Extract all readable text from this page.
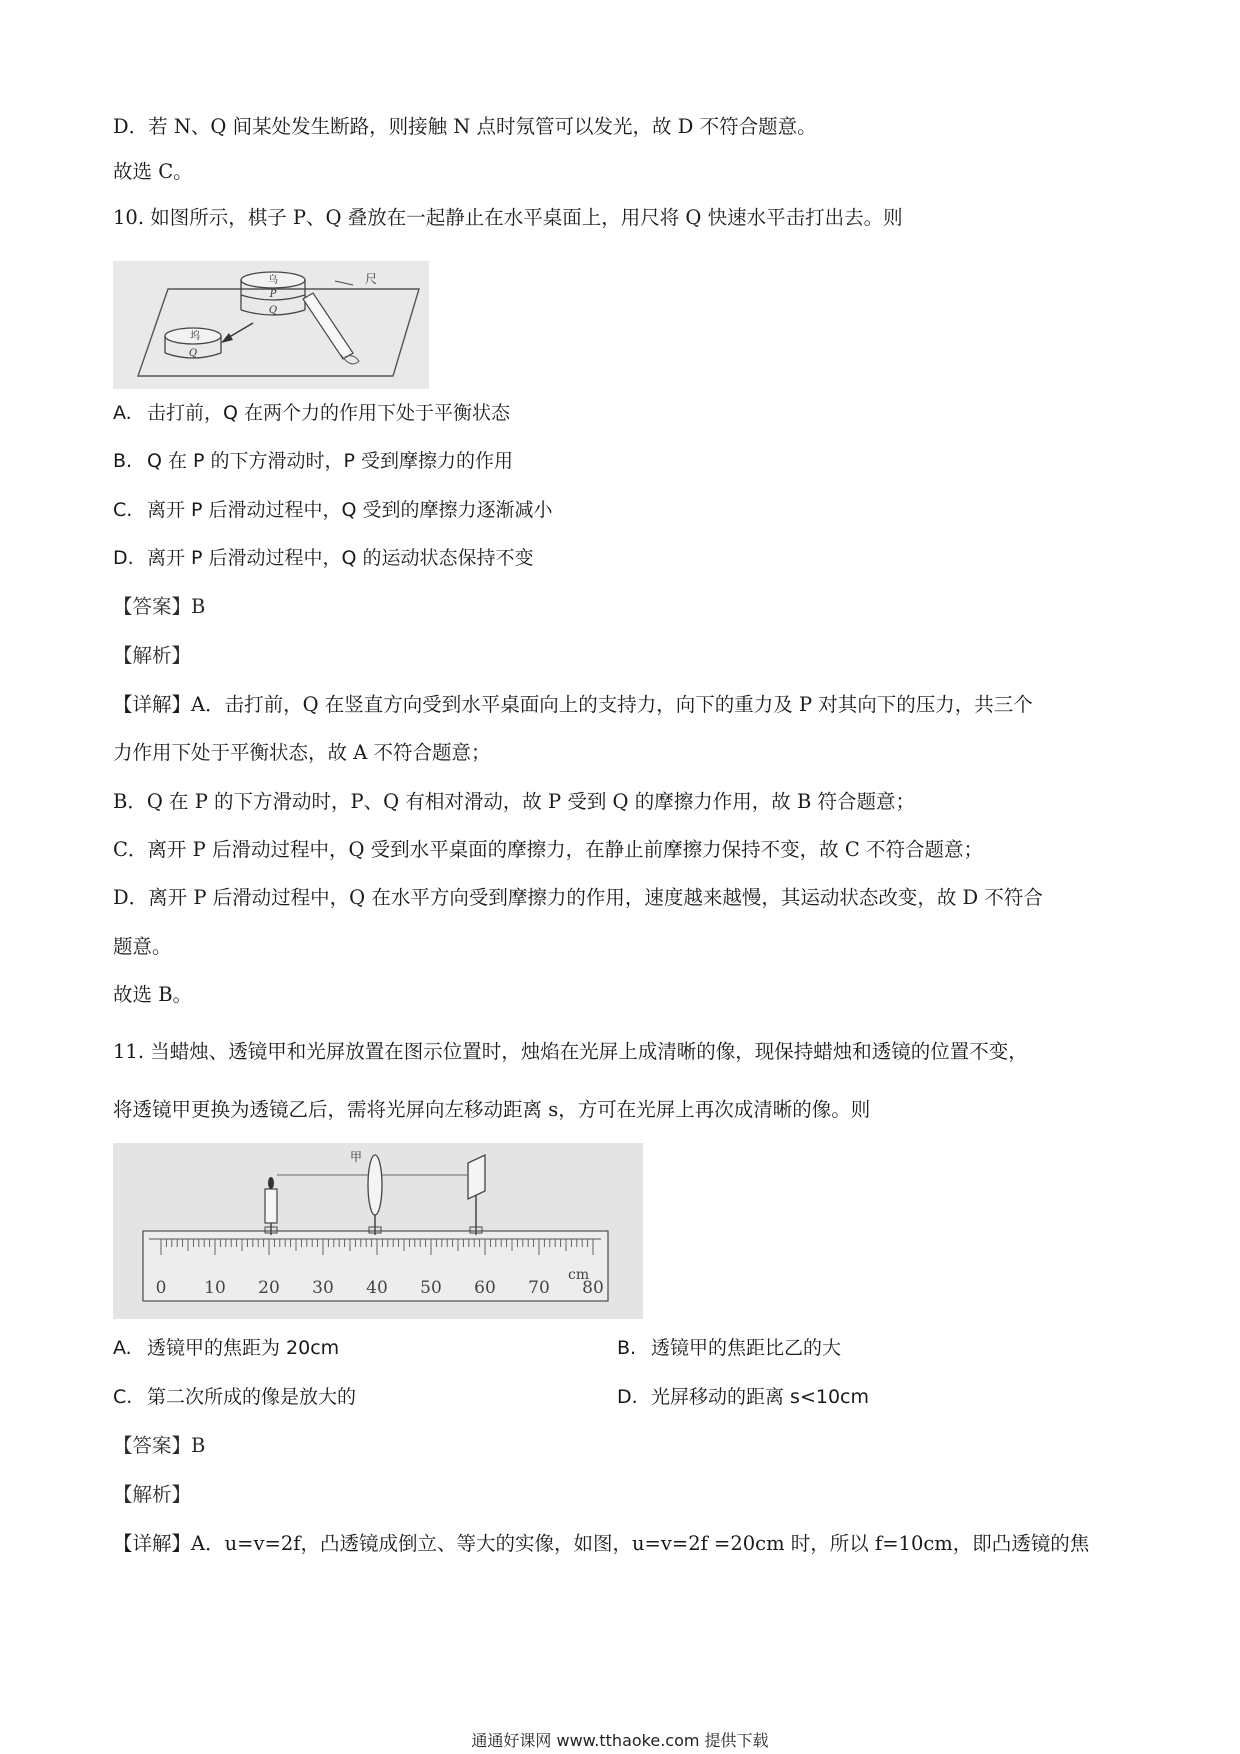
D．若 N、Q 间某处发生断路，则接触 N 点时氖管可以发光，故 D 不符合题意。
故选 C。
10. 如图所示，棋子 P、Q 叠放在一起静止在水平桌面上，用尺将 Q 快速水平击打出去。则
乌
P
Q
尺
坞
Q
A. 击打前，Q 在两个力的作用下处于平衡状态
B. Q 在 P 的下方滑动时，P 受到摩擦力的作用
C. 离开 P 后滑动过程中，Q 受到的摩擦力逐渐减小
D. 离开 P 后滑动过程中，Q 的运动状态保持不变
【答案】B
【解析】
【详解】A．击打前，Q 在竖直方向受到水平桌面向上的支持力，向下的重力及 P 对其向下的压力，共三个
力作用下处于平衡状态，故 A 不符合题意；
B．Q 在 P 的下方滑动时，P、Q 有相对滑动，故 P 受到 Q 的摩擦力作用，故 B 符合题意；
C．离开 P 后滑动过程中，Q 受到水平桌面的摩擦力，在静止前摩擦力保持不变，故 C 不符合题意；
D．离开 P 后滑动过程中，Q 在水平方向受到摩擦力的作用，速度越来越慢，其运动状态改变，故 D 不符合
题意。
故选 B。
11. 当蜡烛、透镜甲和光屏放置在图示位置时，烛焰在光屏上成清晰的像，现保持蜡烛和透镜的位置不变，
将透镜甲更换为透镜乙后，需将光屏向左移动距离 s，方可在光屏上再次成清晰的像。则
0 10 20 30 40 50 60 70 80
cm
甲
A. 透镜甲的焦距为 20cm	B. 透镜甲的焦距比乙的大
C. 第二次所成的像是放大的	D. 光屏移动的距离 s<10cm
【答案】B
【解析】
【详解】A．u=v=2f，凸透镜成倒立、等大的实像，如图，u=v=2f =20cm 时，所以 f=10cm，即凸透镜的焦
通通好课网 www.tthaoke.com 提供下载
